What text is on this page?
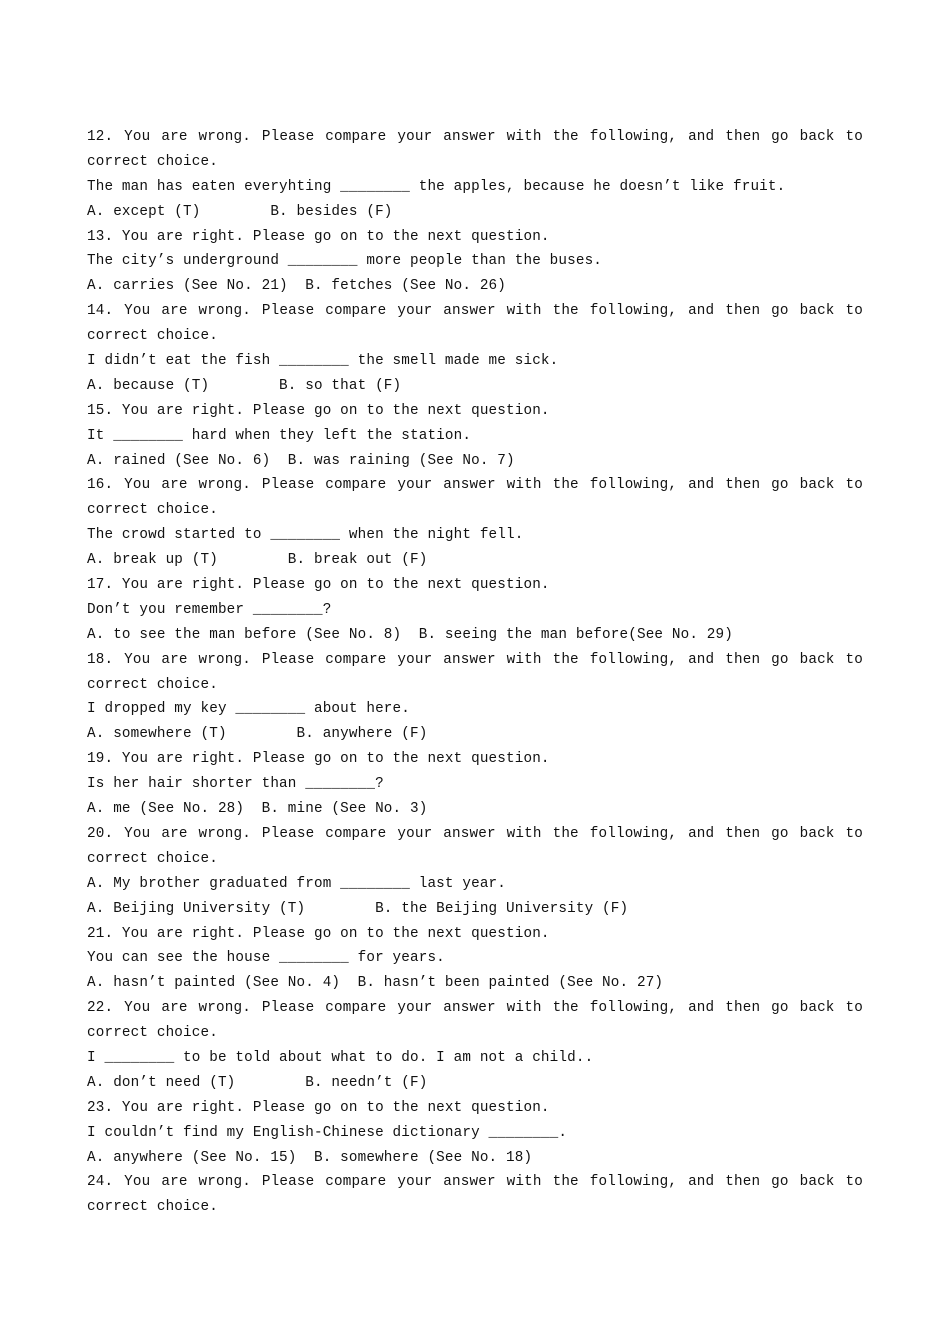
12. You are wrong. Please compare your answer with the following, and then go back to
correct choice.
The man has eaten everyhting ________ the apples, because he doesn’t like fruit.
A. except (T)        B. besides (F)
13. You are right. Please go on to the next question.
The city’s underground ________ more people than the buses.
A. carries (See No. 21)  B. fetches (See No. 26)
14. You are wrong. Please compare your answer with the following, and then go back to
correct choice.
I didn’t eat the fish ________ the smell made me sick.
A. because (T)        B. so that (F)
15. You are right. Please go on to the next question.
It ________ hard when they left the station.
A. rained (See No. 6)  B. was raining (See No. 7)
16. You are wrong. Please compare your answer with the following, and then go back to
correct choice.
The crowd started to ________ when the night fell.
A. break up (T)        B. break out (F)
17. You are right. Please go on to the next question.
Don’t you remember ________?
A. to see the man before (See No. 8)  B. seeing the man before(See No. 29)
18. You are wrong. Please compare your answer with the following, and then go back to
correct choice.
I dropped my key ________ about here.
A. somewhere (T)        B. anywhere (F)
19. You are right. Please go on to the next question.
Is her hair shorter than ________?
A. me (See No. 28)  B. mine (See No. 3)
20. You are wrong. Please compare your answer with the following, and then go back to
correct choice.
A. My brother graduated from ________ last year.
A. Beijing University (T)        B. the Beijing University (F)
21. You are right. Please go on to the next question.
You can see the house ________ for years.
A. hasn’t painted (See No. 4)  B. hasn’t been painted (See No. 27)
22. You are wrong. Please compare your answer with the following, and then go back to
correct choice.
I ________ to be told about what to do. I am not a child..
A. don’t need (T)        B. needn’t (F)
23. You are right. Please go on to the next question.
I couldn’t find my English-Chinese dictionary ________.
A. anywhere (See No. 15)  B. somewhere (See No. 18)
24. You are wrong. Please compare your answer with the following, and then go back to
correct choice.
